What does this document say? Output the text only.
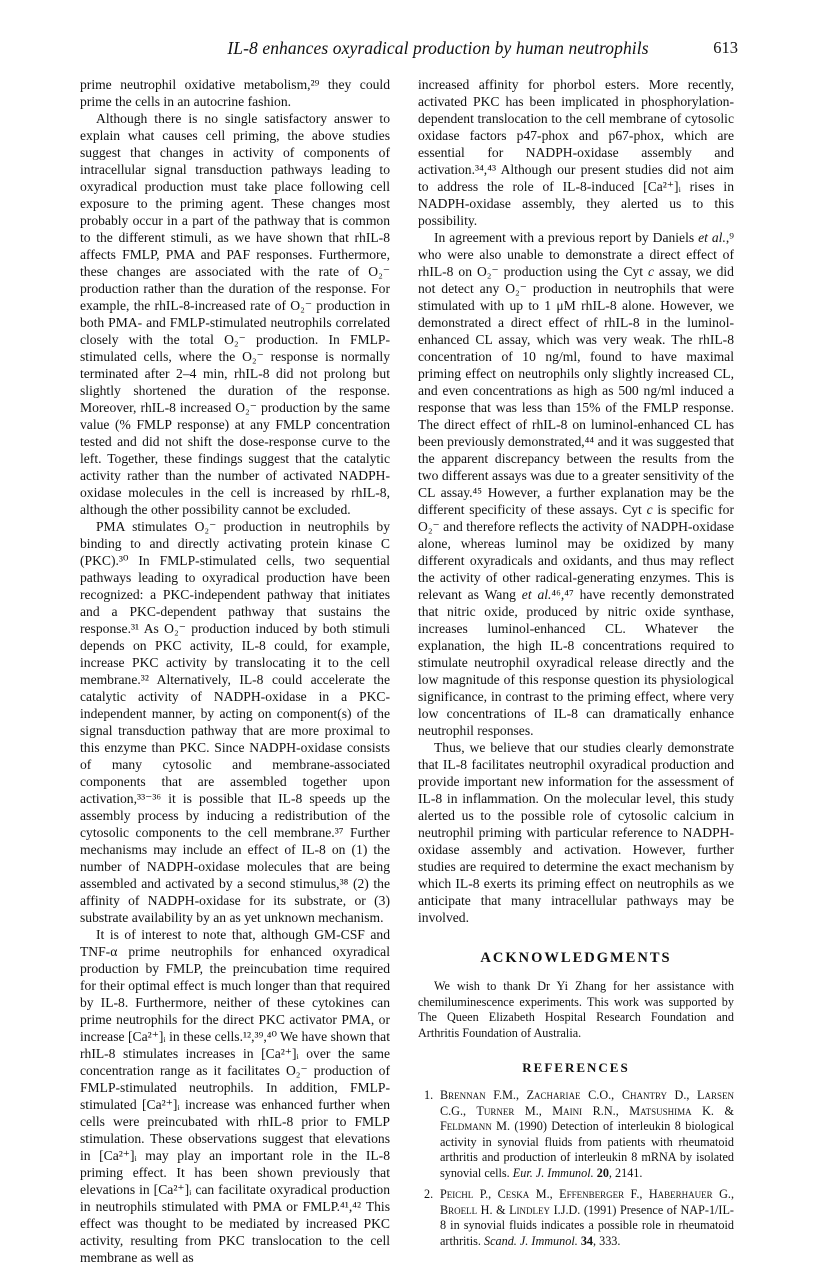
IL-8 enhances oxyradical production by human neutrophils	613

prime neutrophil oxidative metabolism,²⁹ they could prime the cells in an autocrine fashion.

Although there is no single satisfactory answer to explain what causes cell priming, the above studies suggest that changes in activity of components of intracellular signal transduction pathways leading to oxyradical production must take place following cell exposure to the priming agent. These changes most probably occur in a part of the pathway that is common to the different stimuli, as we have shown that rhIL-8 affects FMLP, PMA and PAF responses. Furthermore, these changes are associated with the rate of O₂⁻ production rather than the duration of the response. For example, the rhIL-8-increased rate of O₂⁻ production in both PMA- and FMLP-stimulated neutrophils correlated closely with the total O₂⁻ production. In FMLP-stimulated cells, where the O₂⁻ response is normally terminated after 2–4 min, rhIL-8 did not prolong but slightly shortened the duration of the response. Moreover, rhIL-8 increased O₂⁻ production by the same value (% FMLP response) at any FMLP concentration tested and did not shift the dose-response curve to the left. Together, these findings suggest that the catalytic activity rather than the number of activated NADPH-oxidase molecules in the cell is increased by rhIL-8, although the other possibility cannot be excluded.

PMA stimulates O₂⁻ production in neutrophils by binding to and directly activating protein kinase C (PKC).³⁰ In FMLP-stimulated cells, two sequential pathways leading to oxyradical production have been recognized: a PKC-independent pathway that initiates and a PKC-dependent pathway that sustains the response.³¹ As O₂⁻ production induced by both stimuli depends on PKC activity, IL-8 could, for example, increase PKC activity by translocating it to the cell membrane.³² Alternatively, IL-8 could accelerate the catalytic activity of NADPH-oxidase in a PKC-independent manner, by acting on component(s) of the signal transduction pathway that are more proximal to this enzyme than PKC. Since NADPH-oxidase consists of many cytosolic and membrane-associated components that are assembled together upon activation,³³⁻³⁶ it is possible that IL-8 speeds up the assembly process by inducing a redistribution of the cytosolic components to the cell membrane.³⁷ Further mechanisms may include an effect of IL-8 on (1) the number of NADPH-oxidase molecules that are being assembled and activated by a second stimulus,³⁸ (2) the affinity of NADPH-oxidase for its substrate, or (3) substrate availability by an as yet unknown mechanism.

It is of interest to note that, although GM-CSF and TNF-α prime neutrophils for enhanced oxyradical production by FMLP, the preincubation time required for their optimal effect is much longer than that required by IL-8. Furthermore, neither of these cytokines can prime neutrophils for the direct PKC activator PMA, or increase [Ca²⁺]ᵢ in these cells.¹²,³⁹,⁴⁰ We have shown that rhIL-8 stimulates increases in [Ca²⁺]ᵢ over the same concentration range as it facilitates O₂⁻ production of FMLP-stimulated neutrophils. In addition, FMLP-stimulated [Ca²⁺]ᵢ increase was enhanced further when cells were preincubated with rhIL-8 prior to FMLP stimulation. These observations suggest that elevations in [Ca²⁺]ᵢ may play an important role in the IL-8 priming effect. It has been shown previously that elevations in [Ca²⁺]ᵢ can facilitate oxyradical production in neutrophils stimulated with PMA or FMLP.⁴¹,⁴² This effect was thought to be mediated by increased PKC activity, resulting from PKC translocation to the cell membrane as well as

increased affinity for phorbol esters. More recently, activated PKC has been implicated in phosphorylation-dependent translocation to the cell membrane of cytosolic oxidase factors p47-phox and p67-phox, which are essential for NADPH-oxidase assembly and activation.³⁴,⁴³ Although our present studies did not aim to address the role of IL-8-induced [Ca²⁺]ᵢ rises in NADPH-oxidase assembly, they alerted us to this possibility.

In agreement with a previous report by Daniels et al.,⁹ who were also unable to demonstrate a direct effect of rhIL-8 on O₂⁻ production using the Cyt c assay, we did not detect any O₂⁻ production in neutrophils that were stimulated with up to 1 μM rhIL-8 alone. However, we demonstrated a direct effect of rhIL-8 in the luminol-enhanced CL assay, which was very weak. The rhIL-8 concentration of 10 ng/ml, found to have maximal priming effect on neutrophils only slightly increased CL, and even concentrations as high as 500 ng/ml induced a response that was less than 15% of the FMLP response. The direct effect of rhIL-8 on luminol-enhanced CL has been previously demonstrated,⁴⁴ and it was suggested that the apparent discrepancy between the results from the two different assays was due to a greater sensitivity of the CL assay.⁴⁵ However, a further explanation may be the different specificity of these assays. Cyt c is specific for O₂⁻ and therefore reflects the activity of NADPH-oxidase alone, whereas luminol may be oxidized by many different oxyradicals and oxidants, and thus may reflect the activity of other radical-generating enzymes. This is relevant as Wang et al.⁴⁶,⁴⁷ have recently demonstrated that nitric oxide, produced by nitric oxide synthase, increases luminol-enhanced CL. Whatever the explanation, the high IL-8 concentrations required to stimulate neutrophil oxyradical release directly and the low magnitude of this response question its physiological significance, in contrast to the priming effect, where very low concentrations of IL-8 can dramatically enhance neutrophil responses.

Thus, we believe that our studies clearly demonstrate that IL-8 facilitates neutrophil oxyradical production and provide important new information for the assessment of IL-8 in inflammation. On the molecular level, this study alerted us to the possible role of cytosolic calcium in neutrophil priming with particular reference to NADPH-oxidase assembly and activation. However, further studies are required to determine the exact mechanism by which IL-8 exerts its priming effect on neutrophils as we anticipate that many intracellular pathways may be involved.

ACKNOWLEDGMENTS

We wish to thank Dr Yi Zhang for her assistance with chemiluminescence experiments. This work was supported by The Queen Elizabeth Hospital Research Foundation and Arthritis Foundation of Australia.

REFERENCES
1. Brennan F.M., Zachariae C.O., Chantry D., Larsen C.G., Turner M., Maini R.N., Matsushima K. & Feldmann M. (1990) Detection of interleukin 8 biological activity in synovial fluids from patients with rheumatoid arthritis and production of interleukin 8 mRNA by isolated synovial cells. Eur. J. Immunol. 20, 2141.
2. Peichl P., Ceska M., Effenberger F., Haberhauer G., Broell H. & Lindley I.J.D. (1991) Presence of NAP-1/IL-8 in synovial fluids indicates a possible role in rheumatoid arthritis. Scand. J. Immunol. 34, 333.
